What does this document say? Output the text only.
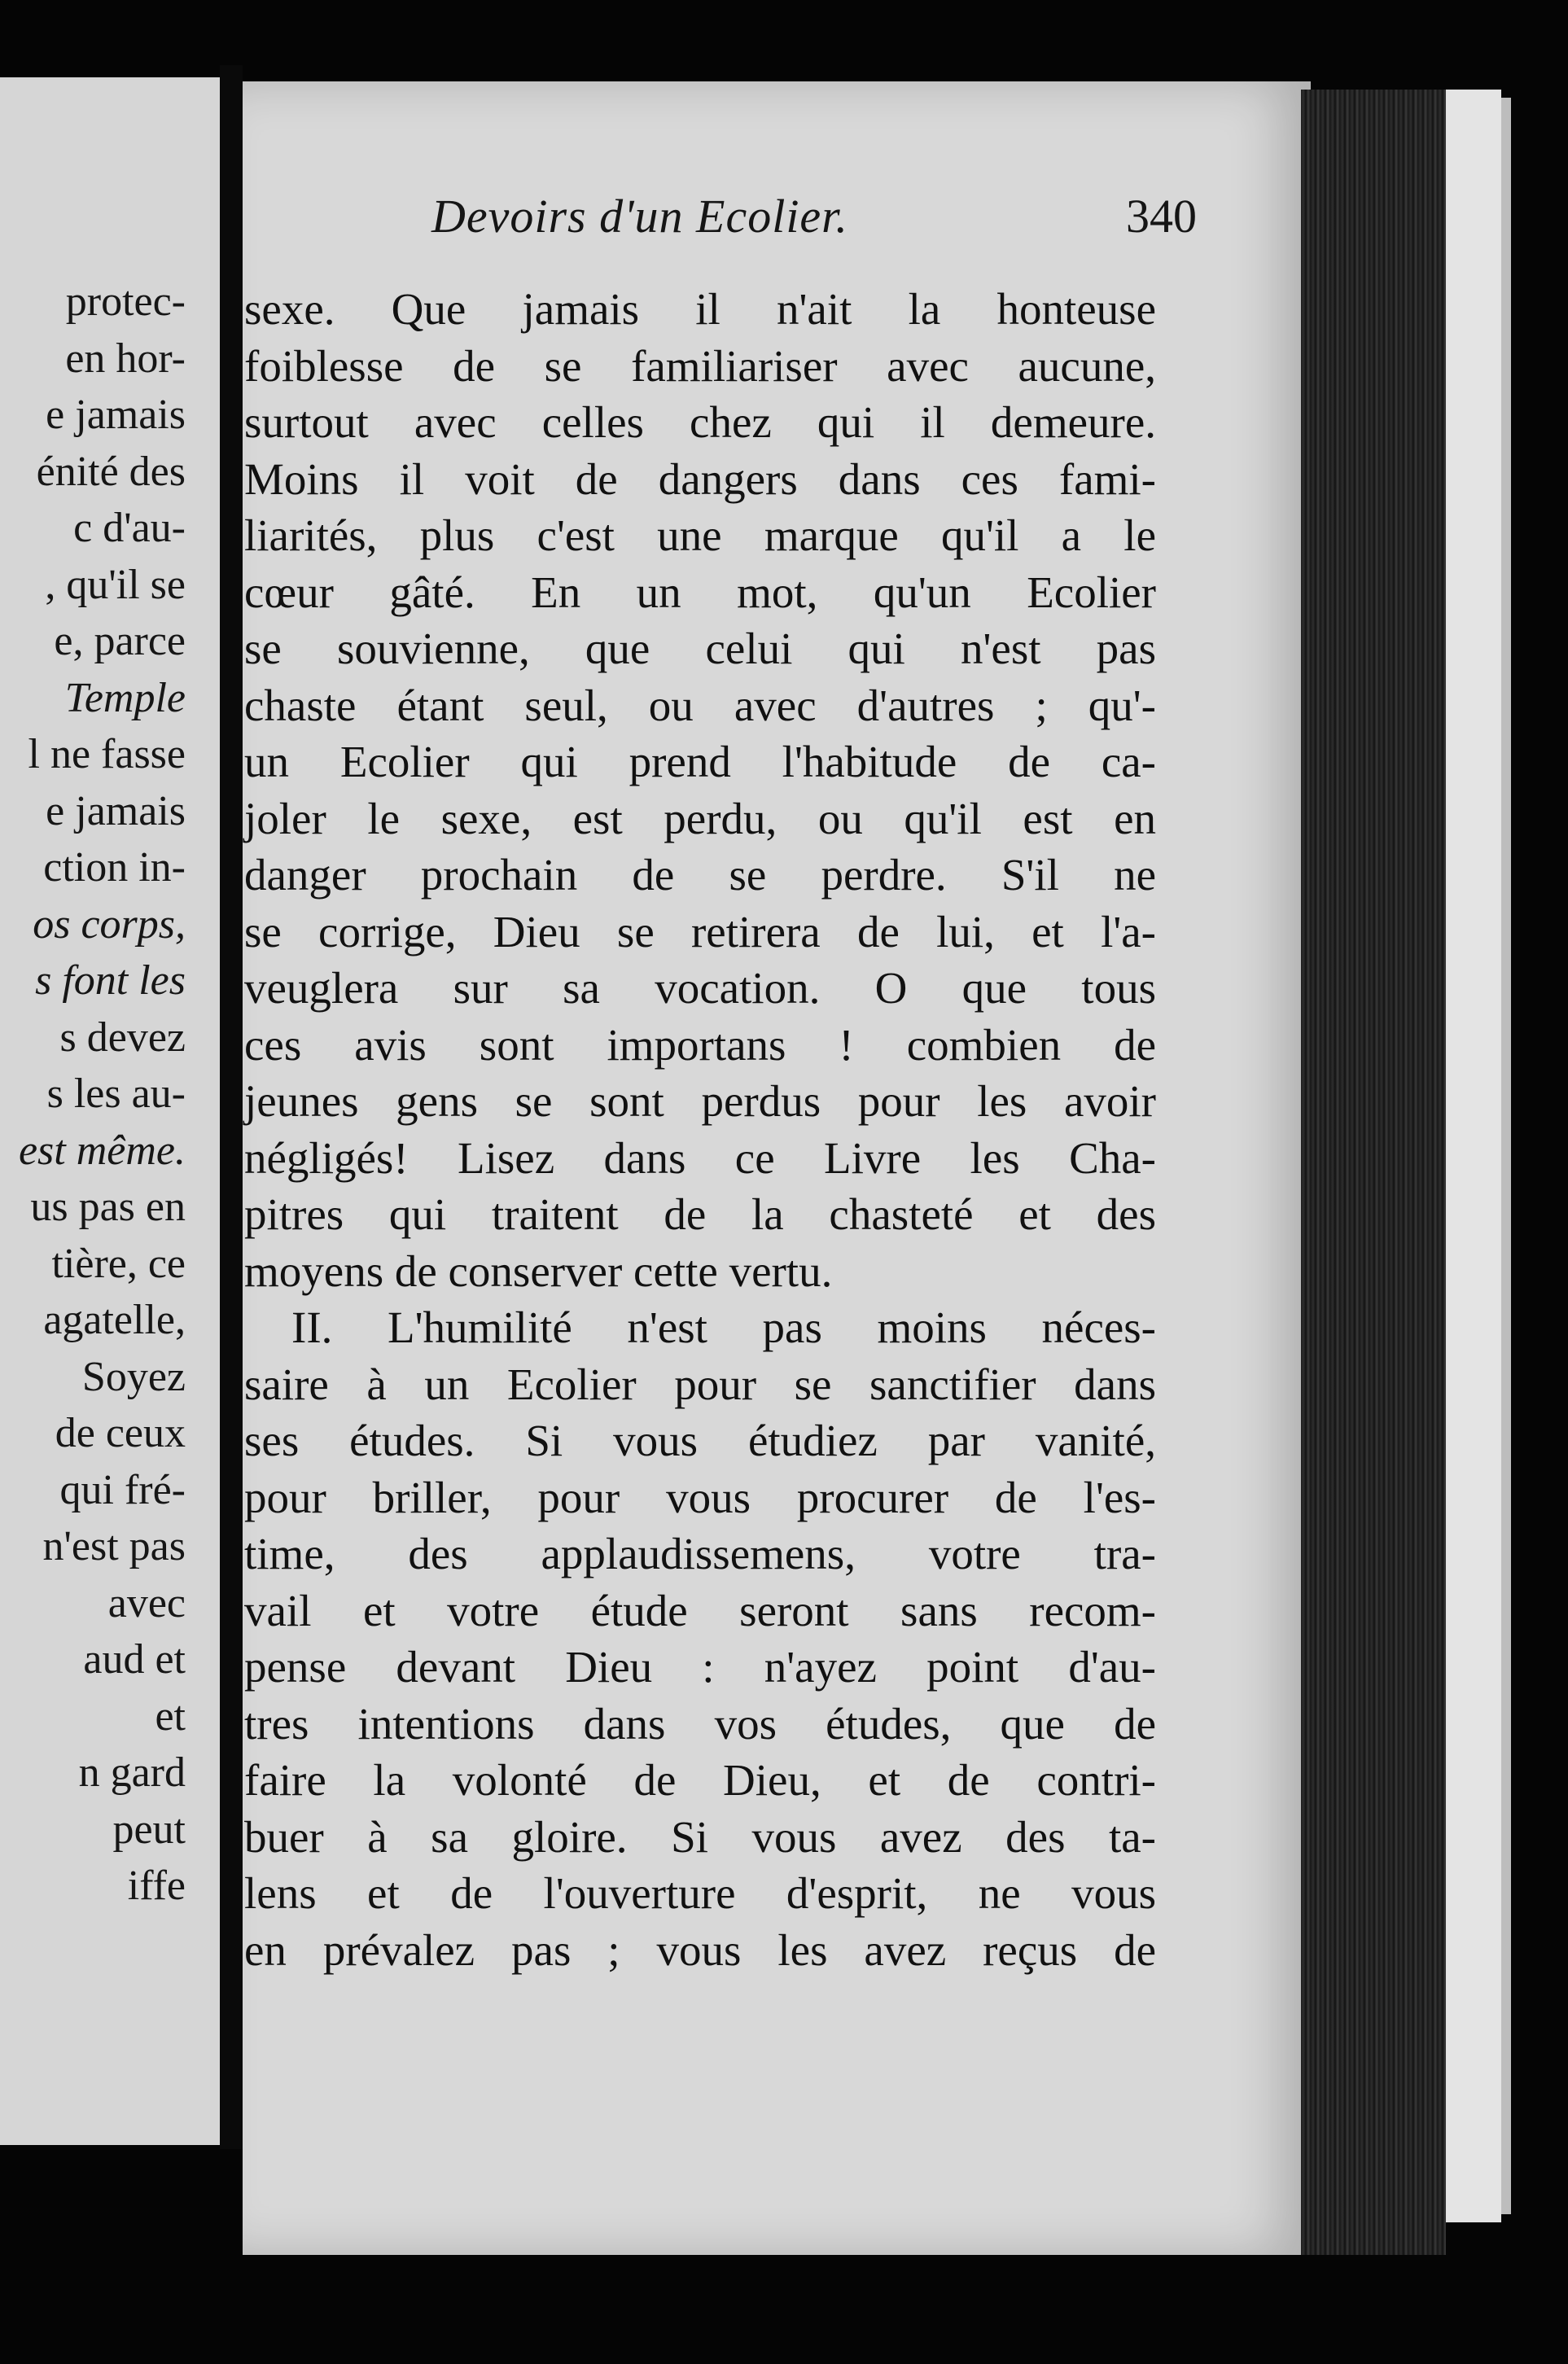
protec-
en hor-
e jamais
énité des
c d'au-
, qu'il se
e, parce
Temple
l ne fasse
e jamais
ction in-
os corps,
s font les
s devez
s les au-
est même.
us pas en
tière, ce
agatelle,
Soyez
de ceux
qui fré-
n'est pas
avec
aud et
et
n gard
peut
iffe
Devoirs d'un Ecolier.	340
sexe. Que jamais il n'ait la honteuse
foiblesse de se familiariser avec aucune,
surtout avec celles chez qui il demeure.
Moins il voit de dangers dans ces fami-
liarités, plus c'est une marque qu'il a le
cœur gâté. En un mot, qu'un Ecolier
se souvienne, que celui qui n'est pas
chaste étant seul, ou avec d'autres ; qu'-
un Ecolier qui prend l'habitude de ca-
joler le sexe, est perdu, ou qu'il est en
danger prochain de se perdre. S'il ne
se corrige, Dieu se retirera de lui, et l'a-
veuglera sur sa vocation. O que tous
ces avis sont importans ! combien de
jeunes gens se sont perdus pour les avoir
négligés! Lisez dans ce Livre les Cha-
pitres qui traitent de la chasteté et des
moyens de conserver cette vertu.
II. L'humilité n'est pas moins néces-
saire à un Ecolier pour se sanctifier dans
ses études. Si vous étudiez par vanité,
pour briller, pour vous procurer de l'es-
time, des applaudissemens, votre tra-
vail et votre étude seront sans recom-
pense devant Dieu : n'ayez point d'au-
tres intentions dans vos études, que de
faire la volonté de Dieu, et de contri-
buer à sa gloire. Si vous avez des ta-
lens et de l'ouverture d'esprit, ne vous
en prévalez pas ; vous les avez reçus de
